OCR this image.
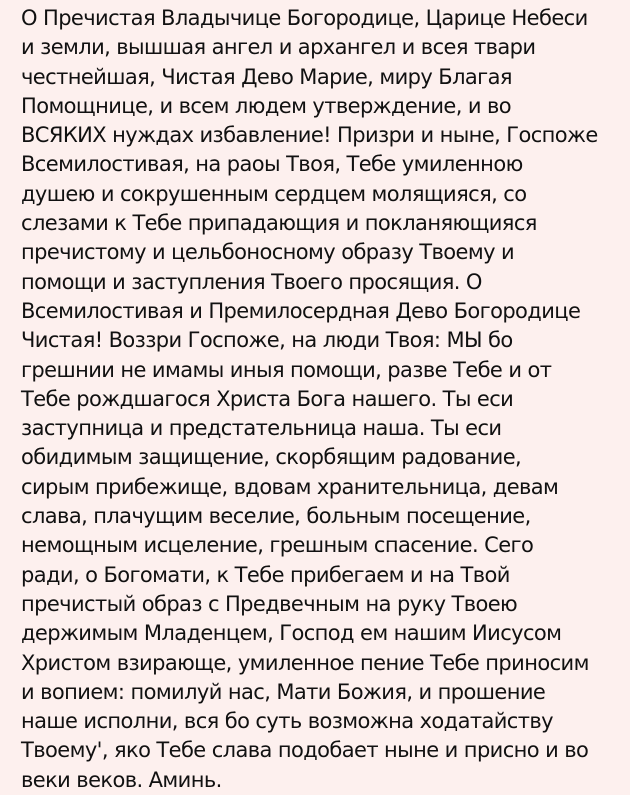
О Пречистая Владычице Богородице, Царице Небеси
и земли, вышшая ангел и архангел и всея твари
честнейшая, Чистая Дево Марие, миру Благая
Помощнице, и всем людем утверждение, и во
ВСЯКИХ нуждах избавление! Призри и ныне, Госпоже
Всемилостивая, на раоы Твоя, Тебе умиленною
душею и сокрушенным сердцем молящияся, со
слезами к Тебе припадающия и покланяющияся
пречистому и цельбоносному образу Твоему и
помощи и заступления Твоего просящия. О
Всемилостивая и Премилосердная Дево Богородице
Чистая! Воззри Госпоже, на люди Твоя: МЫ бо
грешнии не имамы иныя помощи, разве Тебе и от
Тебе рождшагося Христа Бога нашего. Ты еси
заступница и предстательница наша. Ты еси
обидимым защищение, скорбящим радование,
сирым прибежище, вдовам хранительница, девам
слава, плачущим веселие, больным посещение,
немощным исцеление, грешным спасение. Сего
ради, о Богомати, к Тебе прибегаем и на Твой
пречистый образ с Предвечным на руку Твоею
держимым Младенцем, Господ ем нашим Иисусом
Христом взирающе, умиленное пение Тебе приносим
и вопием: помилуй нас, Мати Божия, и прошение
наше исполни, вся бо суть возможна ходатайству
Твоему', яко Тебе слава подобает ныне и присно и во
веки веков. Аминь.
